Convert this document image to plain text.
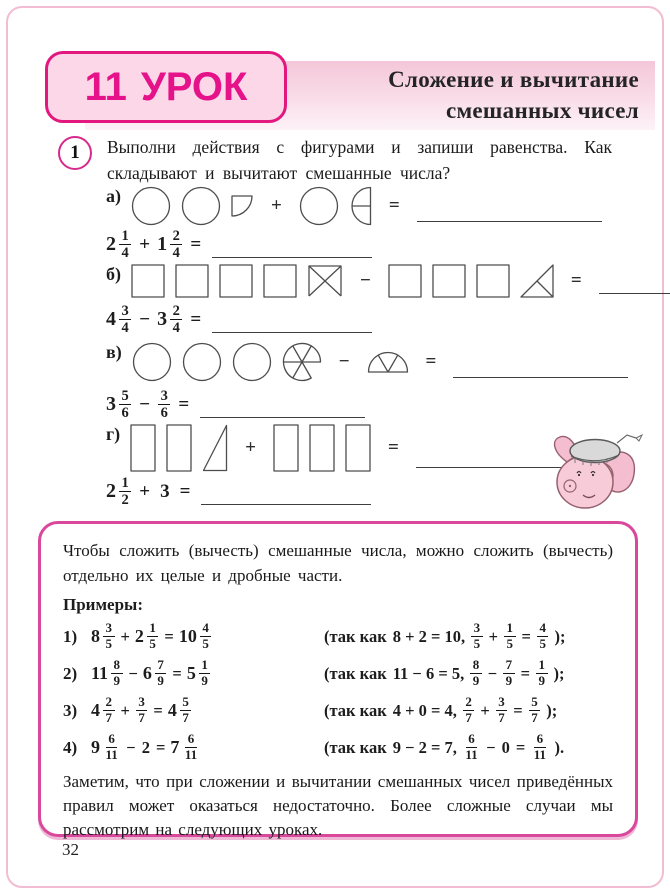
Сложение и вычитание
смешанных чисел
11 УРОК
1	Выполни действия с фигурами и запиши равенства. Как складывают и вычитают смешанные числа?
а)	+	=
$2 \frac{1}{4} + 1 \frac{2}{4}$ =
б)	−	=
$4 \frac{3}{4} - 3 \frac{2}{4}$ =
в)	−	=
$3 \frac{5}{6} - \frac{3}{6}$ =
г)
+	=
$2 \frac{1}{2} + 3$ =

Чтобы сложить (вычесть) смешанные числа, можно сложить (вычесть) отдельно их целые и дробные части.

Примеры:

1) $8 \frac{3}{5} + 2 \frac{1}{5} = 10 \frac{4}{5}$	(так как 8 + 2 = 10, $\frac{3}{5} + \frac{1}{5} = \frac{4}{5}$ );
2) $11 \frac{8}{9} - 6 \frac{7}{9} = 5 \frac{1}{9}$	(так как 11 − 6 = 5, $\frac{8}{9} - \frac{7}{9} = \frac{1}{9}$ );
3) $4 \frac{2}{7} + \frac{3}{7} = 4 \frac{5}{7}$	(так как 4 + 0 = 4, $\frac{2}{7} + \frac{3}{7} = \frac{5}{7}$ );
4) $9 \frac{6}{11} - 2 = 7 \frac{6}{11}$	(так как 9 − 2 = 7, $\frac{6}{11} - 0 = \frac{6}{11}$ ).

Заметим, что при сложении и вычитании смешанных чисел приведённых правил может оказаться недостаточно. Более сложные случаи мы рассмотрим на следующих уроках.

32
